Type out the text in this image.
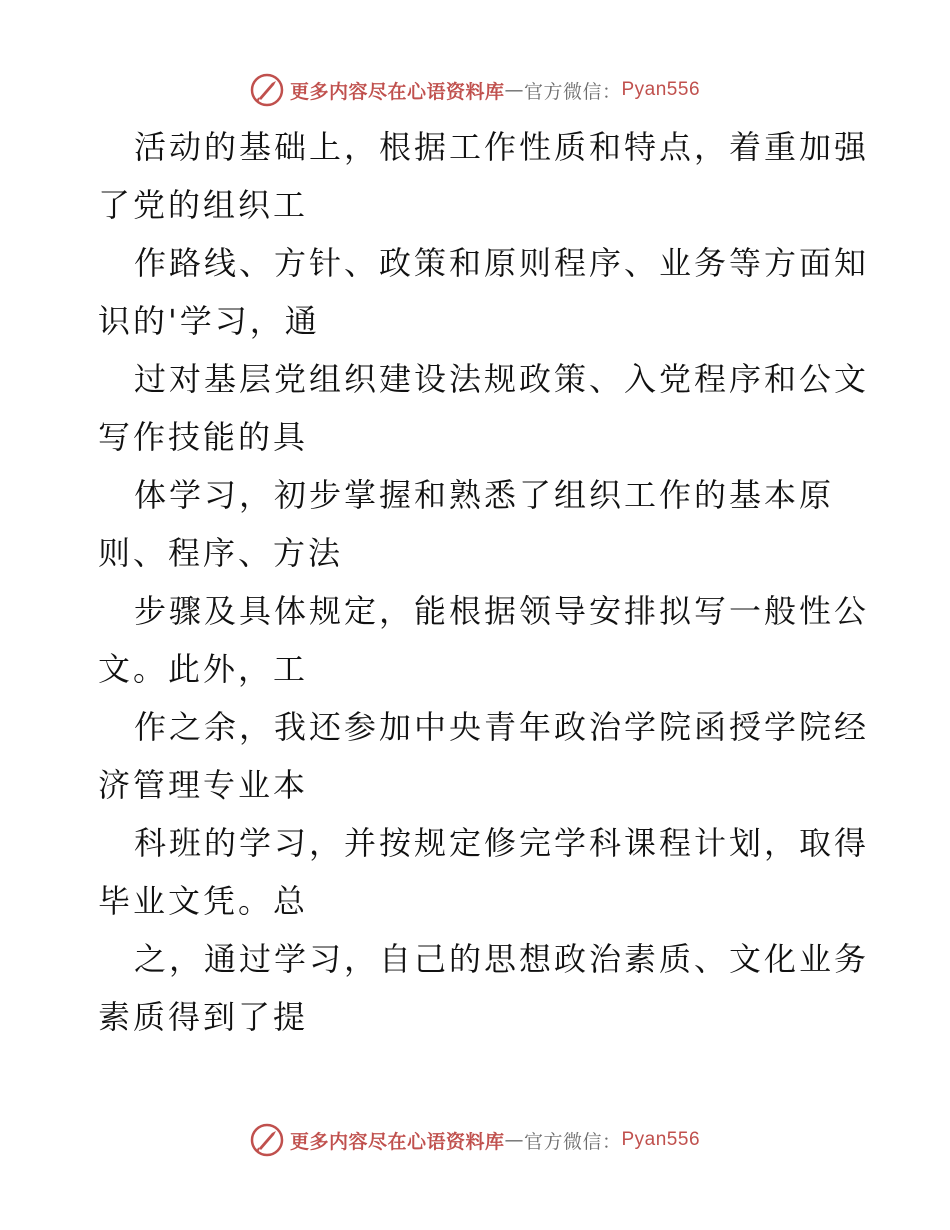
更多内容尽在心语资料库 — 官方微信： Pyan556
活动的基础上，根据工作性质和特点，着重加强
了党的组织工
作路线、方针、政策和原则程序、业务等方面知
识的'学习，通
过对基层党组织建设法规政策、入党程序和公文
写作技能的具
体学习，初步掌握和熟悉了组织工作的基本原
则、程序、方法
步骤及具体规定，能根据领导安排拟写一般性公
文。此外，工
作之余，我还参加中央青年政治学院函授学院经
济管理专业本
科班的学习，并按规定修完学科课程计划，取得
毕业文凭。总
之，通过学习，自己的思想政治素质、文化业务
素质得到了提
更多内容尽在心语资料库 — 官方微信： Pyan556
